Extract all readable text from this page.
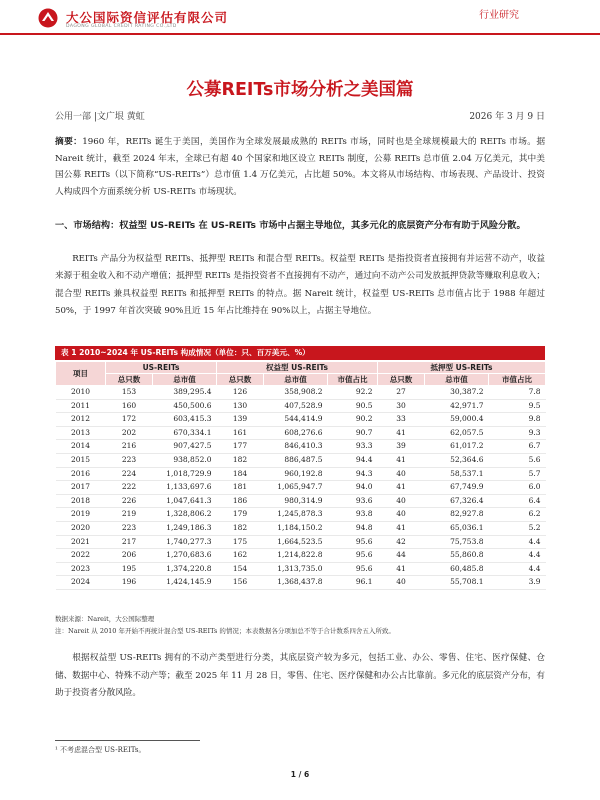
大公国际资信评估有限公司
DAGONG GLOBAL CREDIT RATING CO.,LTD
行业研究
公募REITs市场分析之美国篇
公用一部 |文广垠 黄虹	2026 年 3 月 9 日
摘要：1960 年，REITs 诞生于美国，美国作为全球发展最成熟的 REITs 市场，同时也是全球规模最大的 REITs 市场。据 Nareit 统计，截至 2024 年末，全球已有超 40 个国家和地区设立 REITs 制度，公募 REITs 总市值 2.04 万亿美元，其中美国公募 REITs（以下简称“US-REITs”）总市值 1.4 万亿美元，占比超 50%。本文将从市场结构、市场表现、产品设计、投资人构成四个方面系统分析 US-REITs 市场现状。
一、市场结构：权益型 US-REITs 在 US-REITs 市场中占据主导地位，其多元化的底层资产分布有助于风险分散。
REITs 产品分为权益型 REITs、抵押型 REITs 和混合型 REITs。权益型 REITs 是指投资者直接拥有并运营不动产，收益来源于租金收入和不动产增值；抵押型 REITs 是指投资者不直接拥有不动产，通过向不动产公司发放抵押贷款等赚取利息收入；混合型 REITs 兼具权益型 REITs 和抵押型 REITs 的特点。据 Nareit 统计，权益型 US-REITs 总市值占比于 1988 年超过 50%，于 1997 年首次突破 90%且近 15 年占比维持在 90%以上，占据主导地位。
表 1 2010~2024 年 US-REITs 构成情况（单位：只、百万美元、%）
项目	US-REITs		权益型 US-REITs			抵押型 US-REITs		
	总只数	总市值	总只数	总市值	市值占比	总只数	总市值	市值占比
2010	153	389,295.4	126	358,908.2	92.2	27	30,387.2	7.8
2011	160	450,500.6	130	407,528.9	90.5	30	42,971.7	9.5
2012	172	603,415.3	139	544,414.9	90.2	33	59,000.4	9.8
2013	202	670,334.1	161	608,276.6	90.7	41	62,057.5	9.3
2014	216	907,427.5	177	846,410.3	93.3	39	61,017.2	6.7
2015	223	938,852.0	182	886,487.5	94.4	41	52,364.6	5.6
2016	224	1,018,729.9	184	960,192.8	94.3	40	58,537.1	5.7
2017	222	1,133,697.6	181	1,065,947.7	94.0	41	67,749.9	6.0
2018	226	1,047,641.3	186	980,314.9	93.6	40	67,326.4	6.4
2019	219	1,328,806.2	179	1,245,878.3	93.8	40	82,927.8	6.2
2020	223	1,249,186.3	182	1,184,150.2	94.8	41	65,036.1	5.2
2021	217	1,740,277.3	175	1,664,523.5	95.6	42	75,753.8	4.4
2022	206	1,270,683.6	162	1,214,822.8	95.6	44	55,860.8	4.4
2023	195	1,374,220.8	154	1,313,735.0	95.6	41	60,485.8	4.4
2024	196	1,424,145.9	156	1,368,437.8	96.1	40	55,708.1	3.9
数据来源：Nareit，大公国际整理
注：Nareit 从 2010 年开始不再统计混合型 US-REITs 的情况；本表数据各分项加总不等于合计数系四舍五入所致。
根据权益型 US-REITs 拥有的不动产类型进行分类，其底层资产较为多元，包括工业、办公、零售、住宅、医疗保健、仓储、数据中心、特殊不动产等；截至 2025 年 11 月 28 日，零售、住宅、医疗保健和办公占比靠前。多元化的底层资产分布，有助于投资者分散风险。
¹ 不考虑混合型 US-REITs。
1 / 6
